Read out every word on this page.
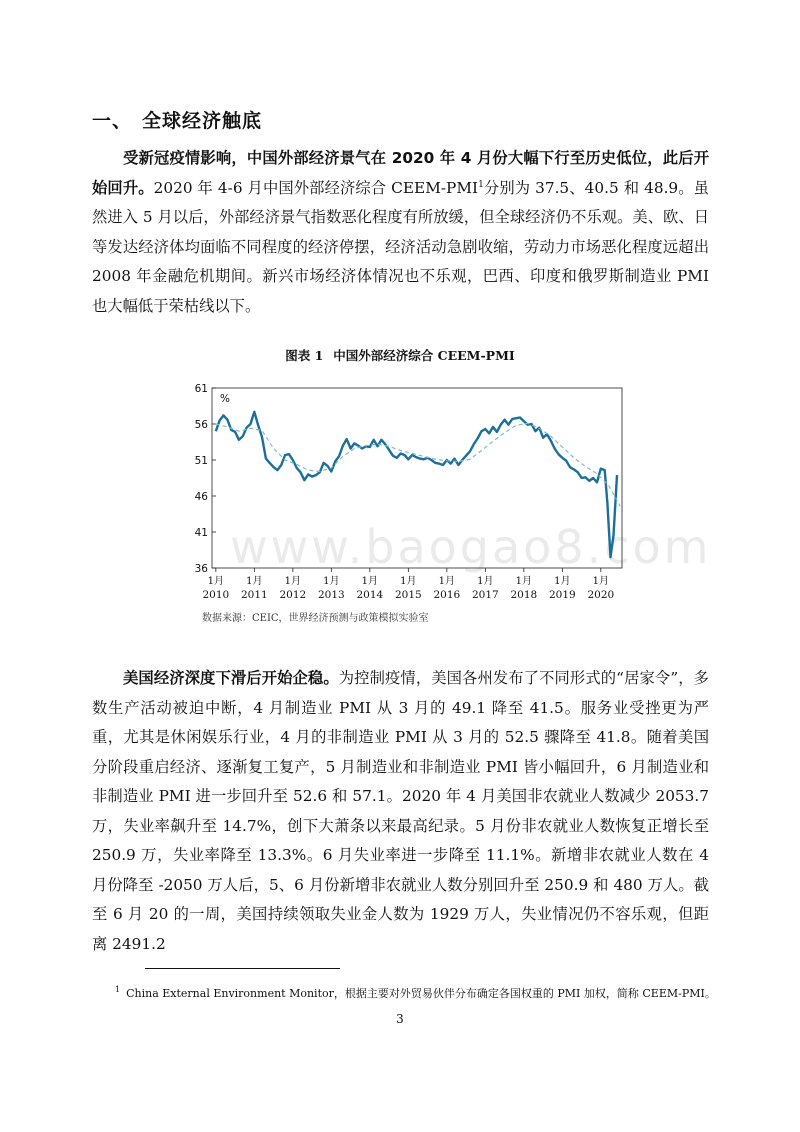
www.baogao8.com
一、 全球经济触底

受新冠疫情影响，中国外部经济景气在 2020 年 4 月份大幅下行至历史低位，此后开始回升。2020 年 4-6 月中国外部经济综合 CEEM-PMI$^1$分别为 37.5、40.5 和 48.9。虽然进入 5 月以后，外部经济景气指数恶化程度有所放缓，但全球经济仍不乐观。美、欧、日等发达经济体均面临不同程度的经济停摆，经济活动急剧收缩，劳动力市场恶化程度远超出 2008 年金融危机期间。新兴市场经济体情况也不乐观，巴西、印度和俄罗斯制造业 PMI 也大幅低于荣枯线以下。

图表 1 中国外部经济综合 CEEM-PMI
61
56
51
46
41
36
%
1月
2010
1月
2011
1月
2012
1月
2013
1月
2014
1月
2015
1月
2016
1月
2017
1月
2018
1月
2019
1月
2020
数据来源：CEIC，世界经济预测与政策模拟实验室

美国经济深度下滑后开始企稳。为控制疫情，美国各州发布了不同形式的“居家令”，多数生产活动被迫中断，4 月制造业 PMI 从 3 月的 49.1 降至 41.5。服务业受挫更为严重，尤其是休闲娱乐行业，4 月的非制造业 PMI 从 3 月的 52.5 骤降至 41.8。随着美国分阶段重启经济、逐渐复工复产，5 月制造业和非制造业 PMI 皆小幅回升，6 月制造业和非制造业 PMI 进一步回升至 52.6 和 57.1。2020 年 4 月美国非农就业人数减少 2053.7 万，失业率飙升至 14.7%，创下大萧条以来最高纪录。5 月份非农就业人数恢复正增长至 250.9 万，失业率降至 13.3%。6 月失业率进一步降至 11.1%。新增非农就业人数在 4 月份降至 -2050 万人后，5、6 月份新增非农就业人数分别回升至 250.9 和 480 万人。截至 6 月 20 的一周，美国持续领取失业金人数为 1929 万人，失业情况仍不容乐观，但距离 2491.2

$^1$ China External Environment Monitor，根据主要对外贸易伙伴分布确定各国权重的 PMI 加权，简称 CEEM-PMI。
3
